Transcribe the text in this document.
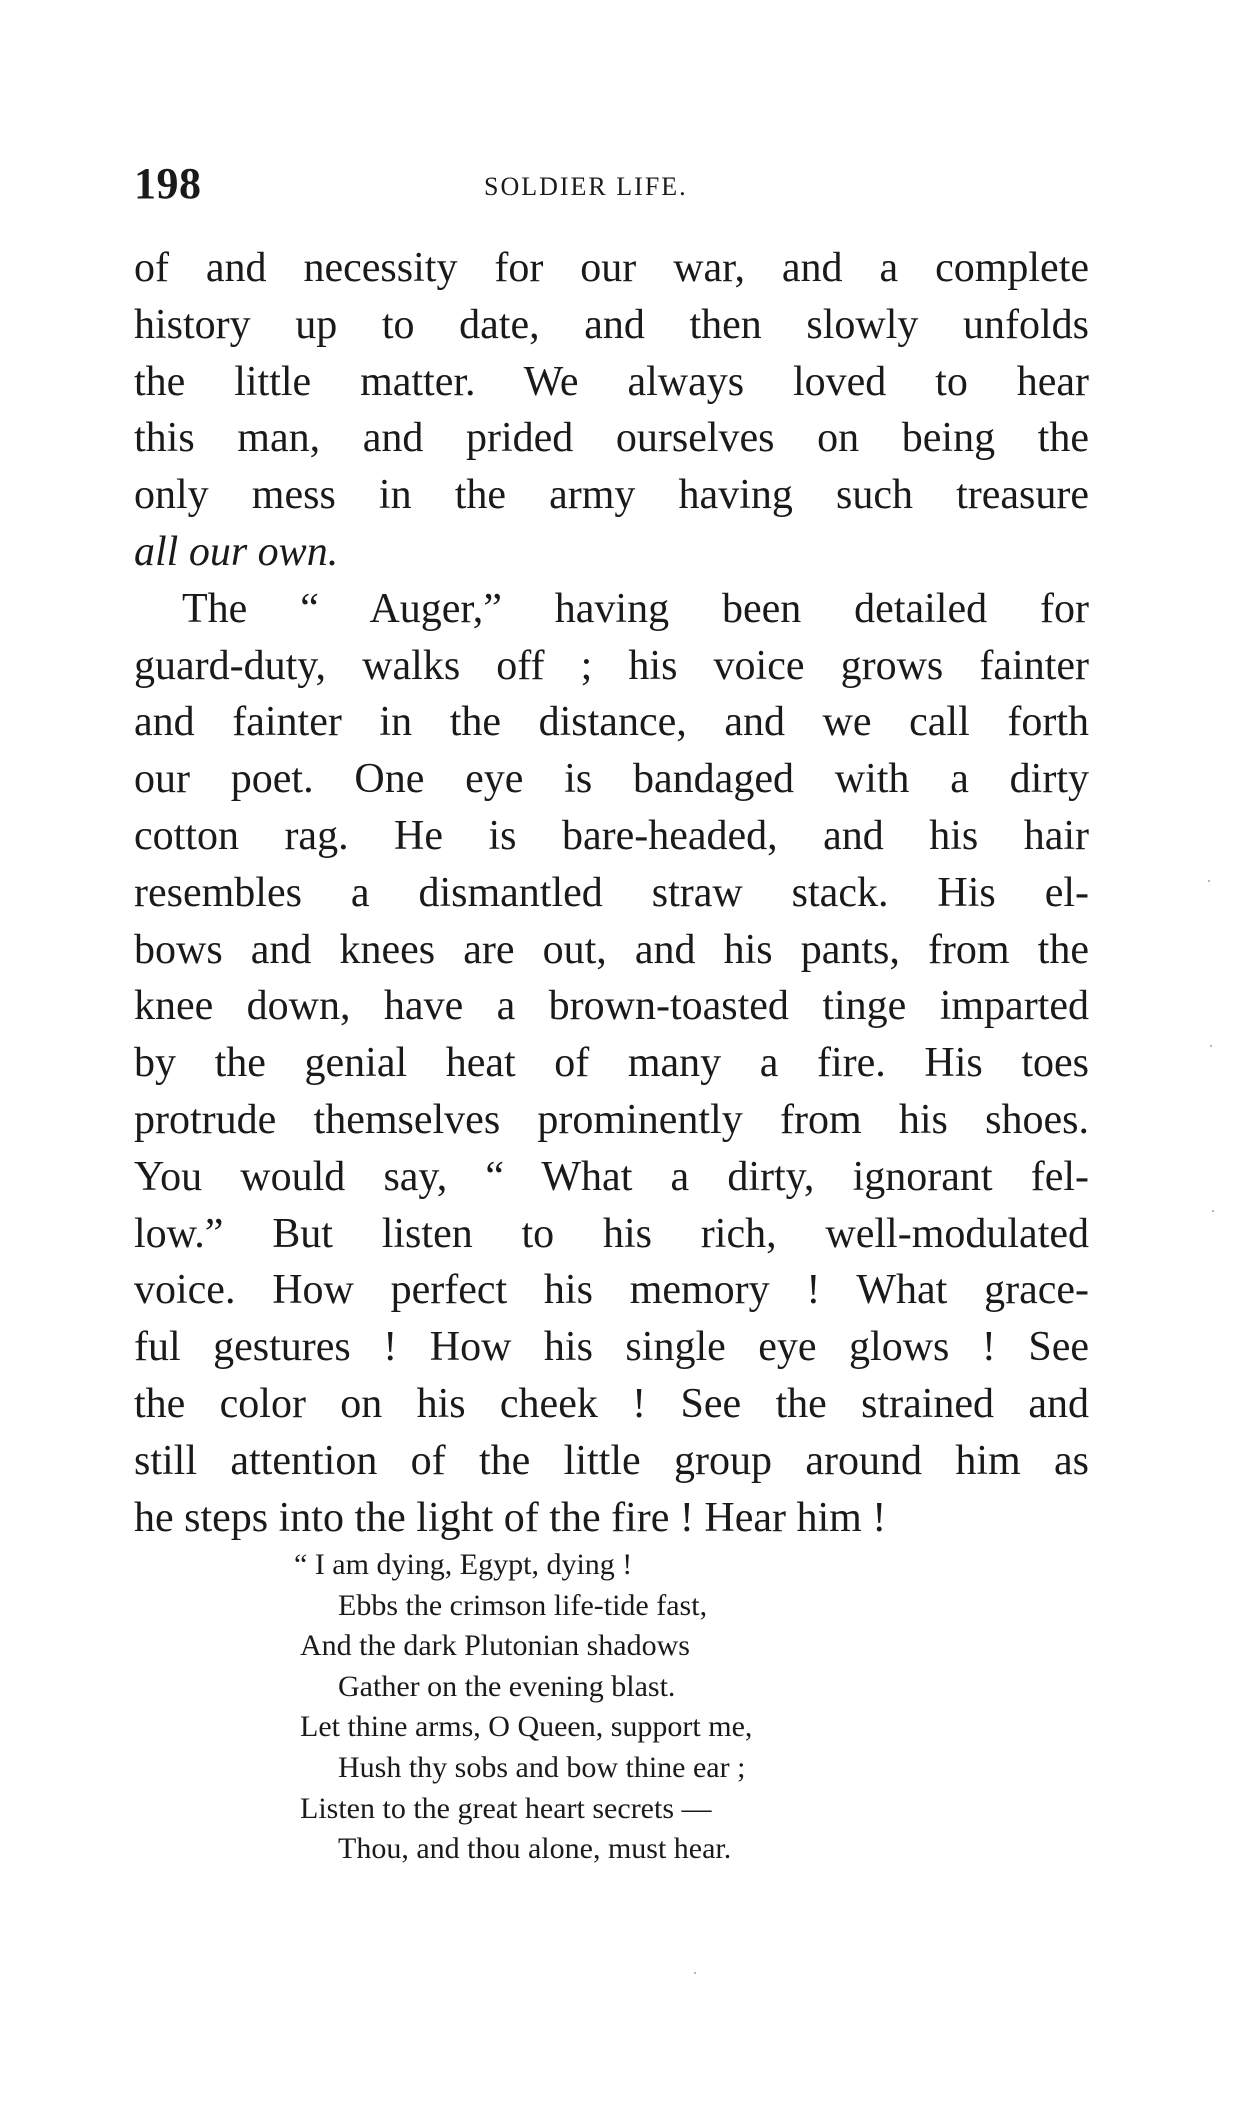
198	SOLDIER LIFE.
of and necessity for our war, and a complete
history up to date, and then slowly unfolds
the little matter. We always loved to hear
this man, and prided ourselves on being the
only mess in the army having such treasure
all our own.
The “ Auger,” having been detailed for
guard-duty, walks off ; his voice grows fainter
and fainter in the distance, and we call forth
our poet. One eye is bandaged with a dirty
cotton rag. He is bare-headed, and his hair
resembles a dismantled straw stack. His el-
bows and knees are out, and his pants, from the
knee down, have a brown-toasted tinge imparted
by the genial heat of many a fire. His toes
protrude themselves prominently from his shoes.
You would say, “ What a dirty, ignorant fel-
low.” But listen to his rich, well-modulated
voice. How perfect his memory ! What grace-
ful gestures ! How his single eye glows ! See
the color on his cheek ! See the strained and
still attention of the little group around him as
he steps into the light of the fire ! Hear him !
“ I am dying, Egypt, dying !
Ebbs the crimson life-tide fast,
And the dark Plutonian shadows
Gather on the evening blast.
Let thine arms, O Queen, support me,
Hush thy sobs and bow thine ear ;
Listen to the great heart secrets —
Thou, and thou alone, must hear.
